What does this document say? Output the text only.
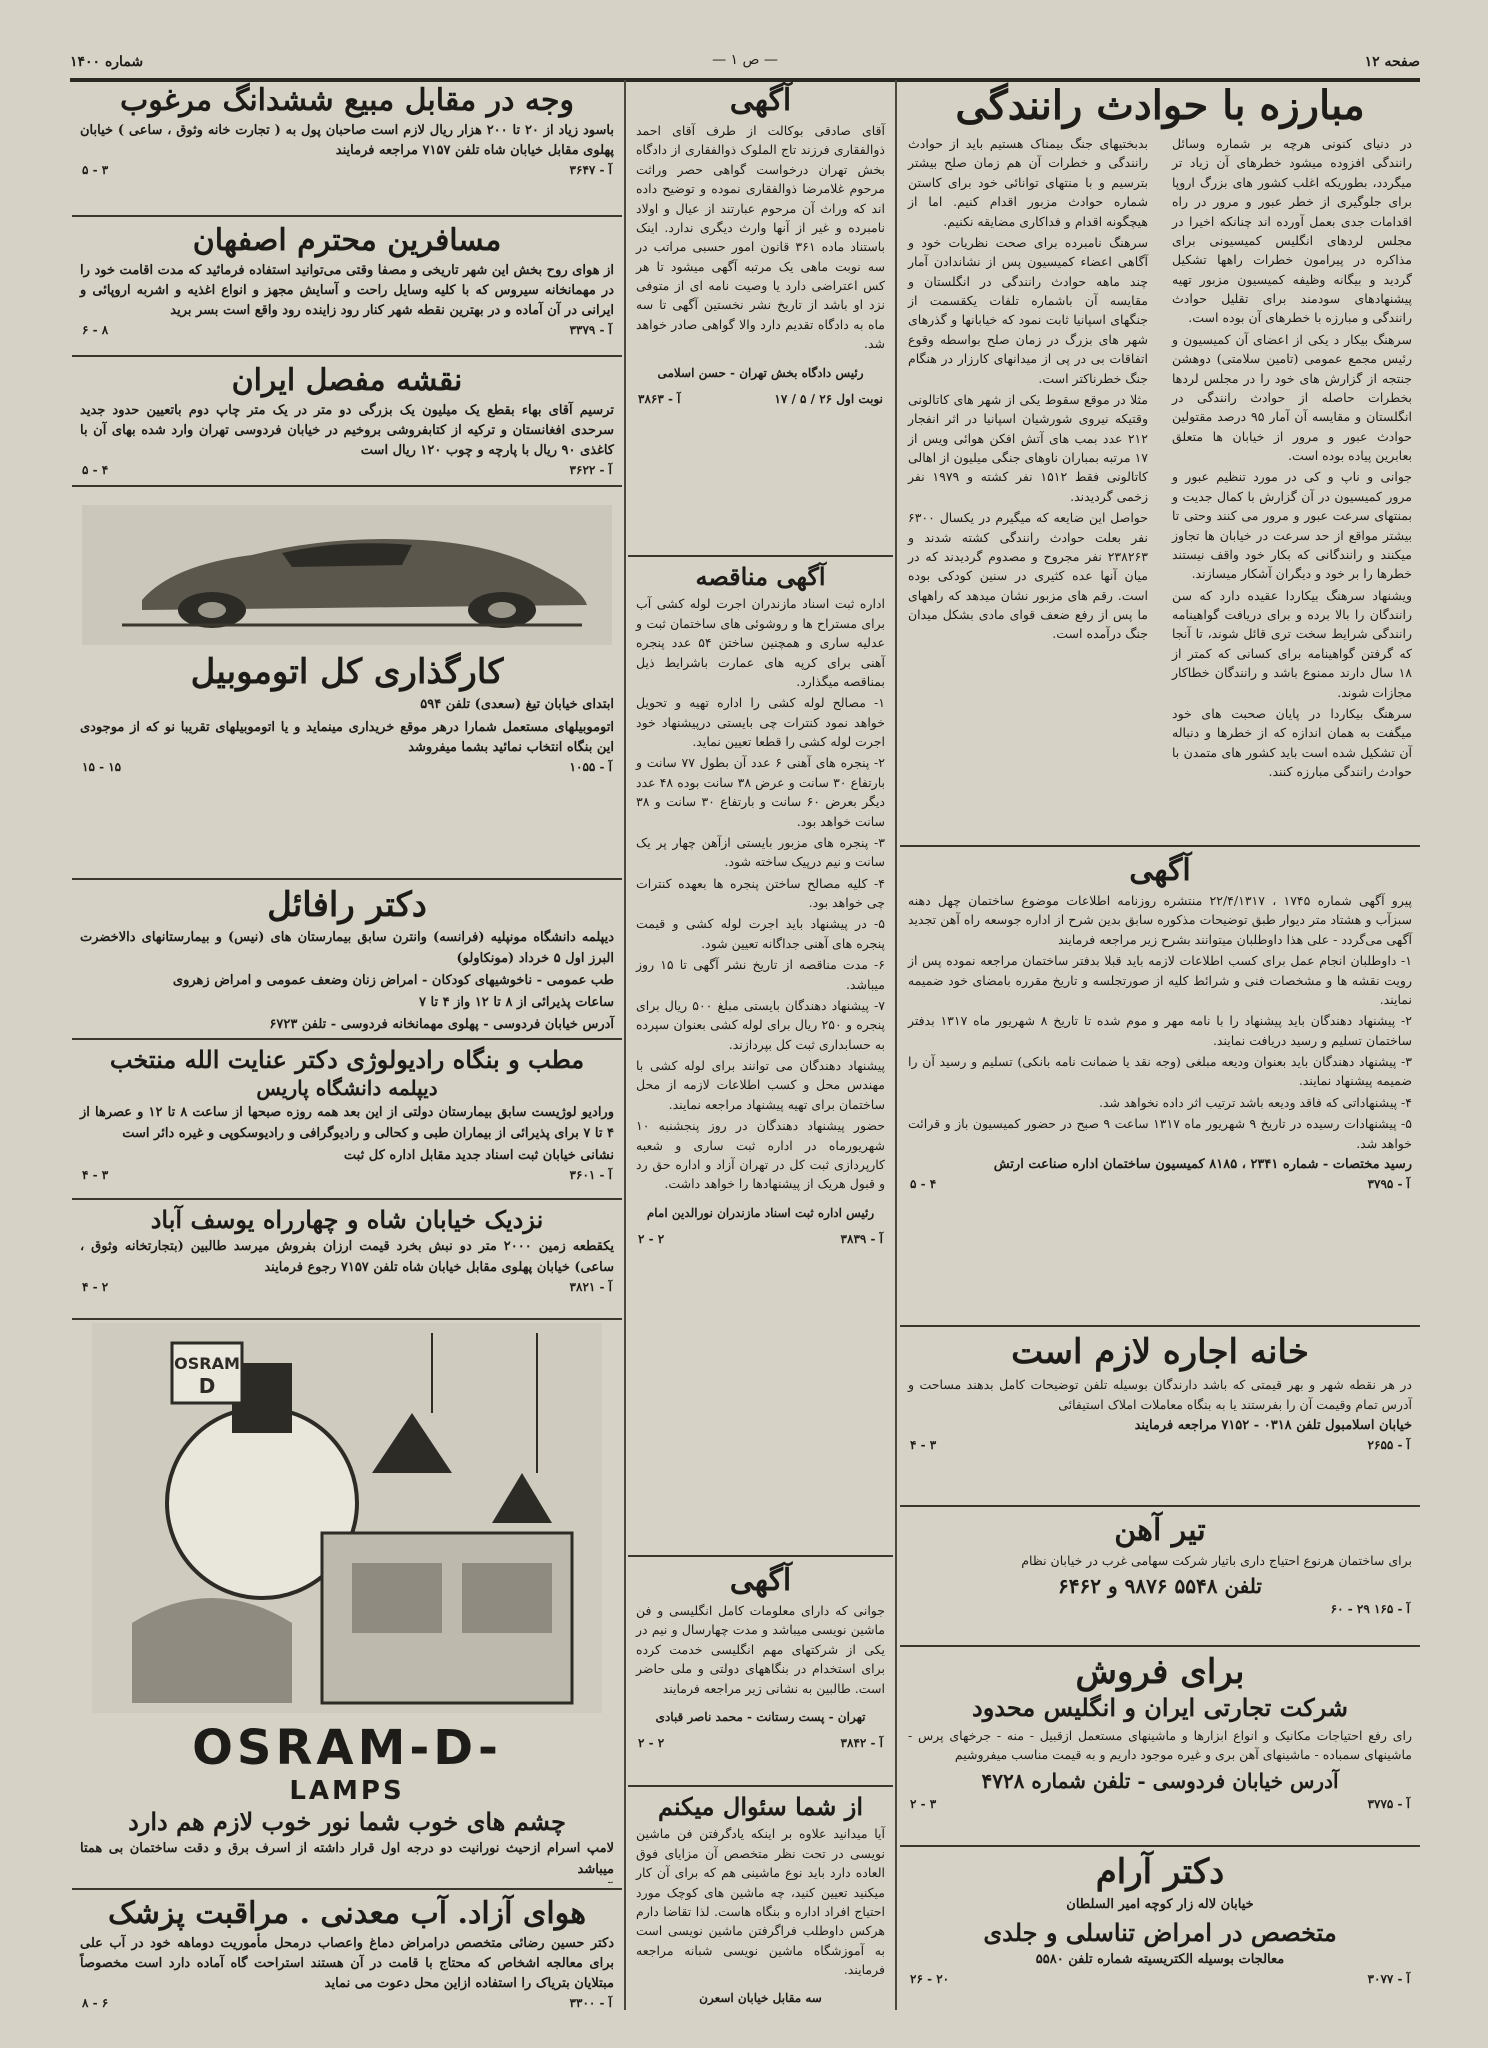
صفحه ۱۲
— ص ۱ —
شماره ۱۴۰۰
مبارزه با حوادث رانندگی

در دنیای کنونی هرچه بر شماره وسائل رانندگی افزوده میشود خطرهای آن زیاد تر میگردد، بطوریکه اغلب کشور های بزرگ اروپا برای جلوگیری از خطر عبور و مرور در راه اقدامات جدی بعمل آورده اند چنانکه اخیرا در مجلس لردهای انگلیس کمیسیونی برای مذاکره در پیرامون خطرات راهها تشکیل گردید و بیگانه وظیفه کمیسیون مزبور تهیه پیشنهادهای سودمند برای تقلیل حوادث رانندگی و مبارزه با خطرهای آن بوده است.

سرهنگ بیکار د یکی از اعضای آن کمیسیون و رئیس مجمع عمومی (تامین سلامتی) دوهشن جنتجه از گزارش های خود را در مجلس لردها بخطرات حاصله از حوادث رانندگی در انگلستان و مقایسه آن آمار ۹۵ درصد مقتولین حوادث عبور و مرور از خیابان ها متعلق بعابرین پیاده بوده است.

جوانی و ناپ و کی در مورد تنظیم عبور و مرور کمیسیون در آن گزارش با کمال جدیت و بمنتهای سرعت عبور و مرور می کنند وحتی تا بیشتر مواقع از حد سرعت در خیابان ها تجاوز میکنند و رانندگانی که بکار خود واقف نیستند خطرها را بر خود و دیگران آشکار میسازند.

ویشنهاد سرهنگ بیکاردا عقیده دارد که سن رانندگان را بالا برده و برای دریافت گواهینامه رانندگی شرایط سخت تری قائل شوند، تا آنجا که گرفتن گواهینامه برای کسانی که کمتر از ۱۸ سال دارند ممنوع باشد و رانندگان خطاکار مجازات شوند.

سرهنگ بیکاردا در پایان صحبت های خود میگفت به همان اندازه که از خطرها و دنباله آن تشکیل شده است باید کشور های متمدن با حوادث رانندگی مبارزه کنند.

بدبختیهای جنگ بیمناک هستیم باید از حوادث رانندگی و خطرات آن هم زمان صلح بیشتر بترسیم و با منتهای توانائی خود برای کاستن شماره حوادث مزبور اقدام کنیم. اما از هیچگونه اقدام و فداکاری مضایقه نکنیم.

سرهنگ نامبرده برای صحت نظریات خود و آگاهی اعضاء کمیسیون پس از نشاندادن آمار چند ماهه حوادث رانندگی در انگلستان و مقایسه آن باشماره تلفات یکقسمت از جنگهای اسپانیا ثابت نمود که خیابانها و گذرهای شهر های بزرگ در زمان صلح بواسطه وقوع اتفاقات بی در پی از میدانهای کارزار در هنگام جنگ خطرناکتر است.

مثلا در موقع سقوط یکی از شهر های کاتالونی وقتیکه نیروی شورشیان اسپانیا در اثر انفجار ۲۱۲ عدد بمب های آتش افکن هوائی ویس از ۱۷ مرتبه بمباران ناوهای جنگی میلیون از اهالی کاتالونی فقط ۱۵۱۲ نفر کشته و ۱۹۷۹ نفر زخمی گردیدند.

حواصل این ضایعه که میگیرم در یکسال ۶۳۰۰ نفر بعلت حوادث رانندگی کشته شدند و ۲۳۸۲۶۳ نفر مجروح و مصدوم گردیدند که در میان آنها عده کثیری در سنین کودکی بوده است. رقم های مزبور نشان میدهد که راههای ما پس از رفع ضعف قوای مادی بشکل میدان جنگ درآمده است.

آگهی

پیرو آگهی شماره ۱۷۴۵ ، ۲۲/۴/۱۳۱۷ منتشره روزنامه اطلاعات موضوع ساختمان چهل دهنه سبزآب و هشتاد متر دیوار طبق توضیحات مذکوره سابق بدین شرح از اداره جوسعه راه آهن تجدید آگهی می‌گردد - علی هذا داوطلبان میتوانند بشرح زیر مراجعه فرمایند

۱- داوطلبان انجام عمل برای کسب اطلاعات لازمه باید قبلا بدفتر ساختمان مراجعه نموده پس از رویت نقشه ها و مشخصات فنی و شرائط کلیه از صورتجلسه و تاریخ مقرره بامضای خود ضمیمه نمایند.

۲- پیشنهاد دهندگان باید پیشنهاد را با نامه مهر و موم شده تا تاریخ ۸ شهریور ماه ۱۳۱۷ بدفتر ساختمان تسلیم و رسید دریافت نمایند.

۳- پیشنهاد دهندگان باید بعنوان ودیعه مبلغی (وجه نقد یا ضمانت نامه بانکی) تسلیم و رسید آن را ضمیمه پیشنهاد نمایند.

۴- پیشنهاداتی که فاقد ودیعه باشد ترتیب اثر داده نخواهد شد.

۵- پیشنهادات رسیده در تاریخ ۹ شهریور ماه ۱۳۱۷ ساعت ۹ صبح در حضور کمیسیون باز و قرائت خواهد شد.

رسید مختصات - شماره ۲۳۴۱ ، ۸۱۸۵ کمیسیون ساختمان اداره صناعت ارتش

آ - ۳۷۹۵
۴ - ۵
خانه اجاره لازم است

در هر نقطه شهر و بهر قیمتی که باشد دارندگان بوسیله تلفن توضیحات کامل بدهند مساحت و آدرس تمام وقیمت آن را بفرستند یا به بنگاه معاملات املاک استیفائی

خیابان اسلامبول تلفن ۰۳۱۸ - ۷۱۵۲ مراجعه فرمایند

آ - ۲۶۵۵
۳ - ۴
تیر آهن

برای ساختمان هرنوع احتیاج داری باتیار شرکت سهامی غرب در خیابان نظام

تلفن ۵۵۴۸ ۹۸۷۶ و ۶۴۶۲
آ - ۱۶۵ ۲۹ - ۶۰
برای فروش
شرکت تجارتی ایران و انگلیس محدود

رای رفع احتیاجات مکانیک و انواع ابزارها و ماشینهای مستعمل ازقبیل - منه - جرخهای پرس - ماشینهای سمباده - ماشینهای آهن بری و غیره موجود داریم و به قیمت مناسب میفروشیم

آدرس خیابان فردوسی - تلفن شماره ۴۷۲۸
آ - ۳۷۷۵
۳ - ۲
دکتر آرام

خیابان لاله زار کوچه امیر السلطان

متخصص در امراض تناسلی و جلدی

معالجات بوسیله الکتریسیته شماره تلفن ۵۵۸۰

آ - ۳۰۷۷
۲۰ - ۲۶
آگهی

آقای صادقی بوکالت از طرف آقای احمد ذوالفقاری فرزند تاج الملوک ذوالفقاری از دادگاه بخش تهران درخواست گواهی حصر وراثت مرحوم غلامرضا ذوالفقاری نموده و توضیح داده اند که وراث آن مرحوم عبارتند از عیال و اولاد نامبرده و غیر از آنها وارث دیگری ندارد. اینک باستناد ماده ۳۶۱ قانون امور حسبی مراتب در سه نوبت ماهی یک مرتبه آگهی میشود تا هر کس اعتراضی دارد یا وصیت نامه ای از متوفی نزد او باشد از تاریخ نشر نخستین آگهی تا سه ماه به دادگاه تقدیم دارد والا گواهی صادر خواهد شد.

رئیس دادگاه بخش تهران - حسن اسلامی

نوبت اول ۲۶ / ۵ / ۱۷
آ - ۳۸۶۳
آگهی مناقصه

اداره ثبت اسناد مازندران اجرت لوله کشی آب برای مستراح ها و روشوئی های ساختمان ثبت و عدلیه ساری و همچنین ساختن ۵۴ عدد پنجره آهنی برای کرپه های عمارت باشرایط ذیل بمناقصه میگذارد.

۱- مصالح لوله کشی را اداره تهیه و تحویل خواهد نمود کنترات چی بایستی درپیشنهاد خود اجرت لوله کشی را قطعا تعیین نماید.

۲- پنجره های آهنی ۶ عدد آن بطول ۷۷ سانت و بارتفاع ۳۰ سانت و عرض ۳۸ سانت بوده ۴۸ عدد دیگر بعرض ۶۰ سانت و بارتفاع ۳۰ سانت و ۳۸ سانت خواهد بود.

۳- پنجره های مزبور بایستی ازآهن چهار پر یک سانت و نیم درپیک ساخته شود.

۴- کلیه مصالح ساختن پنجره ها بعهده کنترات چی خواهد بود.

۵- در پیشنهاد باید اجرت لوله کشی و قیمت پنجره های آهنی جداگانه تعیین شود.

۶- مدت مناقصه از تاریخ نشر آگهی تا ۱۵ روز میباشد.

۷- پیشنهاد دهندگان بایستی مبلغ ۵۰۰ ریال برای پنجره و ۲۵۰ ریال برای لوله کشی بعنوان سپرده به حسابداری ثبت کل بپردازند.

پیشنهاد دهندگان می توانند برای لوله کشی با مهندس محل و کسب اطلاعات لازمه از محل ساختمان برای تهیه پیشنهاد مراجعه نمایند.

حضور پیشنهاد دهندگان در روز پنجشنبه ۱۰ شهریورماه در اداره ثبت ساری و شعبه کارپردازی ثبت کل در تهران آزاد و اداره حق رد و قبول هریک از پیشنهادها را خواهد داشت.

رئیس اداره ثبت اسناد مازندران نورالدین امام

آ - ۳۸۳۹
۲ - ۲
آگهی

جوانی که دارای معلومات کامل انگلیسی و فن ماشین نویسی میباشد و مدت چهارسال و نیم در یکی از شرکتهای مهم انگلیسی خدمت کرده برای استخدام در بنگاههای دولتی و ملی حاضر است. طالبین به نشانی زیر مراجعه فرمایند

تهران - پست رستانت - محمد ناصر قبادی

آ - ۳۸۴۲
۲ - ۲
از شما سئوال میکنم

آیا میدانید علاوه بر اینکه یادگرفتن فن ماشین نویسی در تحت نظر متخصص آن مزایای فوق العاده دارد باید نوع ماشینی هم که برای آن کار میکنید تعیین کنید، چه ماشین های کوچک مورد احتیاج افراد اداره و بنگاه هاست. لذا تقاضا دارم هرکس داوطلب فراگرفتن ماشین نویسی است به آموزشگاه ماشین نویسی شبانه مراجعه فرمایند.

سه مقابل خیابان اسعرن

وجه در مقابل مبیع ششدانگ مرغوب

باسود زیاد از ۲۰ تا ۲۰۰ هزار ریال لازم است صاحبان پول به ( تجارت خانه وثوق ، ساعی ) خیابان پهلوی مقابل خیابان شاه تلفن ۷۱۵۷ مراجعه فرمایند

آ - ۳۶۴۷
۳ - ۵
مسافرین محترم اصفهان

از هوای روح بخش این شهر تاریخی و مصفا وقتی می‌توانید استفاده فرمائید که مدت اقامت خود را در مهمانخانه سیروس که با کلیه وسایل راحت و آسایش مجهز و انواع اغذیه و اشربه اروپائی و ایرانی در آن آماده و در بهترین نقطه شهر کنار رود زاینده رود واقع است بسر برید

آ - ۳۳۷۹
۸ - ۶
نقشه مفصل ایران

ترسیم آقای بهاء بقطع یک میلیون یک بزرگی دو متر در یک متر چاپ دوم باتعیین حدود جدید سرحدی افغانستان و ترکیه از کتابفروشی بروخیم در خیابان فردوسی تهران وارد شده بهای آن با کاغذی ۹۰ ریال با پارچه و چوب ۱۲۰ ریال است

آ - ۳۶۲۲
۴ - ۵
کارگذاری کل اتوموبیل

ابتدای خیابان تیغ (سعدی) تلفن ۵۹۴

اتوموبیلهای مستعمل شمارا درهر موقع خریداری مینماید و یا اتوموبیلهای تقریبا نو که از موجودی این بنگاه انتخاب نمائید بشما میفروشد

آ - ۱۰۵۵
۱۵ - ۱۵
دکتر رافائل

دیپلمه دانشگاه مونپلیه (فرانسه) وانترن سابق بیمارستان های (نیس) و بیمارستانهای دالاخضرت البرز اول ۵ خرداد (مونکاولو)

طب عمومی - ناخوشیهای کودکان - امراض زنان وضعف عمومی و امراض زهروی

ساعات پذیرائی از ۸ تا ۱۲ واز ۴ تا ۷

آدرس خیابان فردوسی - پهلوی مهمانخانه فردوسی - تلفن ۶۷۲۳

مطب و بنگاه رادیولوژی دکتر عنایت الله منتخب
دیپلمه دانشگاه پاریس

ورادیو لوژیست سابق بیمارستان دولتی از این بعد همه روزه صبحها از ساعت ۸ تا ۱۲ و عصرها از ۴ تا ۷ برای پذیرائی از بیماران طبی و کحالی و رادیوگرافی و رادیوسکوپی و غیره دائر است

نشانی خیابان ثبت اسناد جدید مقابل اداره کل ثبت

آ - ۳۶۰۱
۳ - ۴
نزدیک خیابان شاه و چهارراه یوسف آباد

یکقطعه زمین ۲۰۰۰ متر دو نبش بخرد قیمت ارزان بفروش میرسد طالبین (بتجارتخانه وثوق ، ساعی) خیابان پهلوی مقابل خیابان شاه تلفن ۷۱۵۷ رجوع فرمایند

آ - ۳۸۲۱
۲ - ۴
OSRAM
D
OSRAM-D-
LAMPS
چشم های خوب شما نور خوب لازم هم دارد

لامپ اسرام ازحیث نورانیت دو درجه اول قرار داشته از اسرف برق و دقت ساختمان بی همتا میباشد

هوای آزاد. آب معدنی . مراقبت پزشک

دکتر حسین رضائی متخصص درامراض دماغ واعصاب درمحل مأموریت دوماهه خود در آب علی برای معالجه اشخاص که محتاج با قامت در آن هستند استراحت گاه آماده دارد است مخصوصاً مبتلایان بتریاک را استفاده ازاین محل دعوت می نماید

آ - ۳۳۰۰
۶ - ۸
